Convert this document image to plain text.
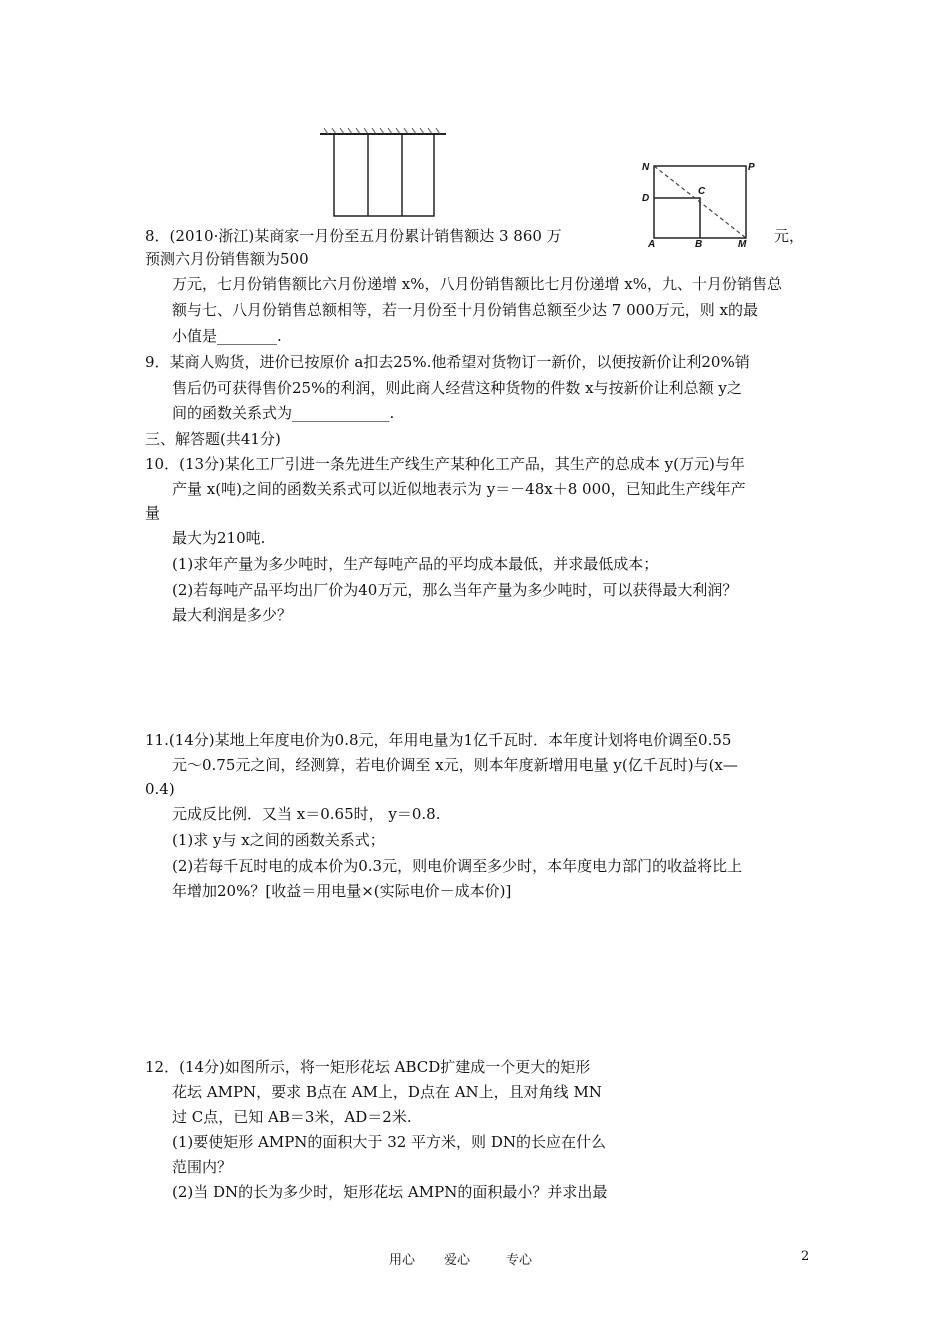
N	P
D
C
A	B	M
8．(2010·浙江)某商家一月份至五月份累计销售额达 3 860 万	元，
预测六月份销售额为500
万元，七月份销售额比六月份递增 x%，八月份销售额比七月份递增 x%，九、十月份销售总
额与七、八月份销售总额相等，若一月份至十月份销售总额至少达 7 000万元，则 x的最
小值是________.
9．某商人购货，进价已按原价 a扣去25%.他希望对货物订一新价，以便按新价让利20%销
售后仍可获得售价25%的利润，则此商人经营这种货物的件数 x与按新价让利总额 y之
间的函数关系式为_____________.
三、解答题(共41分)
10．(13分)某化工厂引进一条先进生产线生产某种化工产品，其生产的总成本 y(万元)与年
产量 x(吨)之间的函数关系式可以近似地表示为 y＝－48x＋8 000，已知此生产线年产
量
最大为210吨.
(1)求年产量为多少吨时，生产每吨产品的平均成本最低，并求最低成本；
(2)若每吨产品平均出厂价为40万元，那么当年产量为多少吨时，可以获得最大利润？
最大利润是多少？
11.(14分)某地上年度电价为0.8元，年用电量为1亿千瓦时．本年度计划将电价调至0.55
元～0.75元之间，经测算，若电价调至 x元，则本年度新增用电量 y(亿千瓦时)与(x—
0.4)
元成反比例．又当 x＝0.65时， y＝0.8.
(1)求 y与 x之间的函数关系式；
(2)若每千瓦时电的成本价为0.3元，则电价调至多少时，本年度电力部门的收益将比上
年增加20%？[收益＝用电量×(实际电价－成本价)]
12．(14分)如图所示，将一矩形花坛 ABCD扩建成一个更大的矩形
花坛 AMPN，要求 B点在 AM上，D点在 AN上，且对角线 MN
过 C点，已知 AB＝3米，AD＝2米.
(1)要使矩形 AMPN的面积大于 32 平方米，则 DN的长应在什么
范围内？
(2)当 DN的长为多少时，矩形花坛 AMPN的面积最小？并求出最
用心 爱心	专心	2
